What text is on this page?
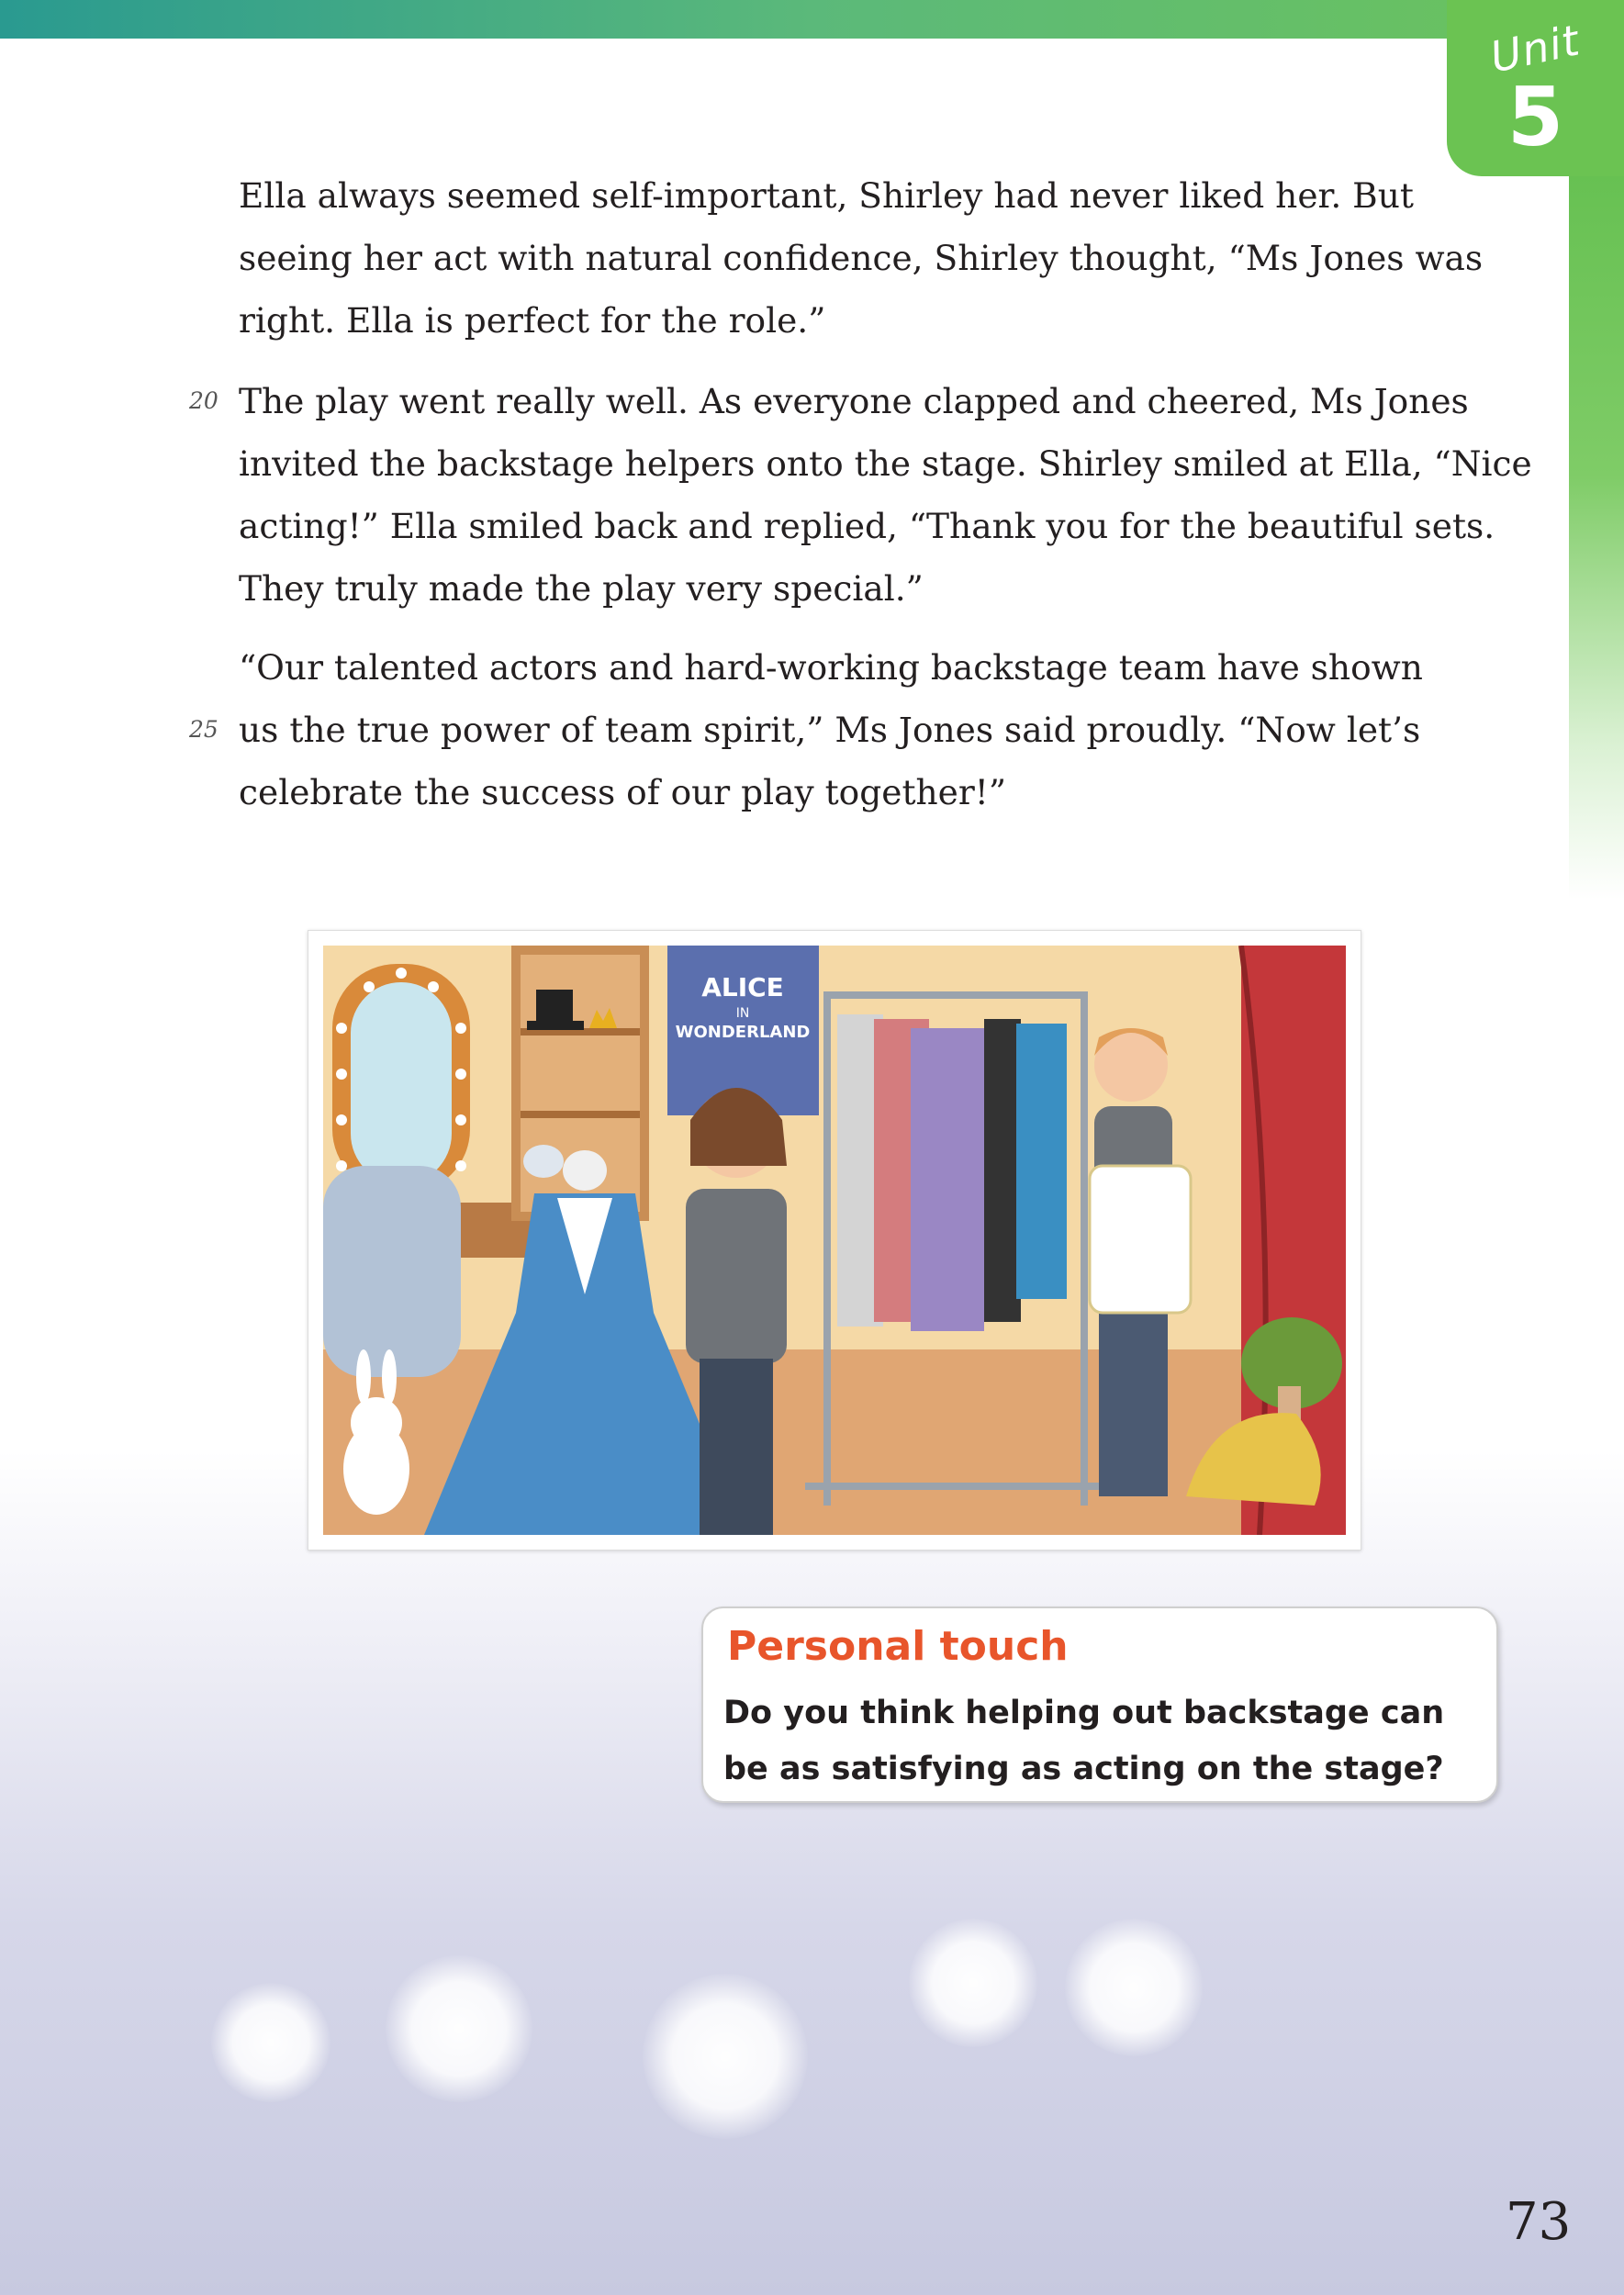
Unit
5
Ella always seemed self-important, Shirley had never liked her. But
seeing her act with natural confidence, Shirley thought, “Ms Jones was
right. Ella is perfect for the role.”
20 The play went really well. As everyone clapped and cheered, Ms Jones
invited the backstage helpers onto the stage. Shirley smiled at Ella, “Nice
acting!” Ella smiled back and replied, “Thank you for the beautiful sets.
They truly made the play very special.”
“Our talented actors and hard-working backstage team have shown
25 us the true power of team spirit,” Ms Jones said proudly. “Now let’s
celebrate the success of our play together!”
ALICE
IN
WONDERLAND
Personal touch
Do you think helping out backstage can be as satisfying as acting on the stage?
73
